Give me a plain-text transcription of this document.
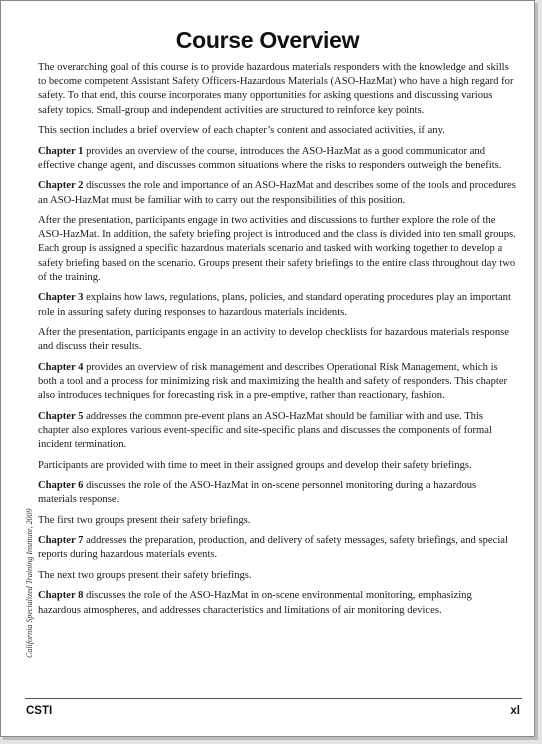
Course Overview

The overarching goal of this course is to provide hazardous materials responders with the knowledge and skills to become competent Assistant Safety Officers-Hazardous Materials (ASO-HazMat) who have a high regard for safety. To that end, this course incorporates many opportunities for asking questions and discussing various safety topics. Small-group and independent activities are structured to reinforce key points.

This section includes a brief overview of each chapter’s content and associated activities, if any.

Chapter 1 provides an overview of the course, introduces the ASO-HazMat as a good communicator and effective change agent, and discusses common situations where the risks to responders outweigh the benefits.

Chapter 2 discusses the role and importance of an ASO-HazMat and describes some of the tools and procedures an ASO-HazMat must be familiar with to carry out the responsibilities of this position.

After the presentation, participants engage in two activities and discussions to further explore the role of the ASO-HazMat. In addition, the safety briefing project is introduced and the class is divided into ten small groups. Each group is assigned a specific hazardous materials scenario and tasked with working together to develop a safety briefing based on the scenario. Groups present their safety briefings to the entire class throughout day two of the training.

Chapter 3 explains how laws, regulations, plans, policies, and standard operating procedures play an important role in assuring safety during responses to hazardous materials incidents.

After the presentation, participants engage in an activity to develop checklists for hazardous materials response and discuss their results.

Chapter 4 provides an overview of risk management and describes Operational Risk Management, which is both a tool and a process for minimizing risk and maximizing the health and safety of responders. This chapter also introduces techniques for forecasting risk in a pre-emptive, rather than reactionary, fashion.

Chapter 5 addresses the common pre-event plans an ASO-HazMat should be familiar with and use. This chapter also explores various event-specific and site-specific plans and discusses the components of formal incident termination.

Participants are provided with time to meet in their assigned groups and develop their safety briefings.

Chapter 6 discusses the role of the ASO-HazMat in on-scene personnel monitoring during a hazardous materials response.

The first two groups present their safety briefings.

Chapter 7 addresses the preparation, production, and delivery of safety messages, safety briefings, and special reports during hazardous materials events.

The next two groups present their safety briefings.

Chapter 8 discusses the role of the ASO-HazMat in on-scene environmental monitoring, emphasizing hazardous atmospheres, and addresses characteristics and limitations of air monitoring devices.

California Specialized Training Institute, 2009
CSTI	xl
